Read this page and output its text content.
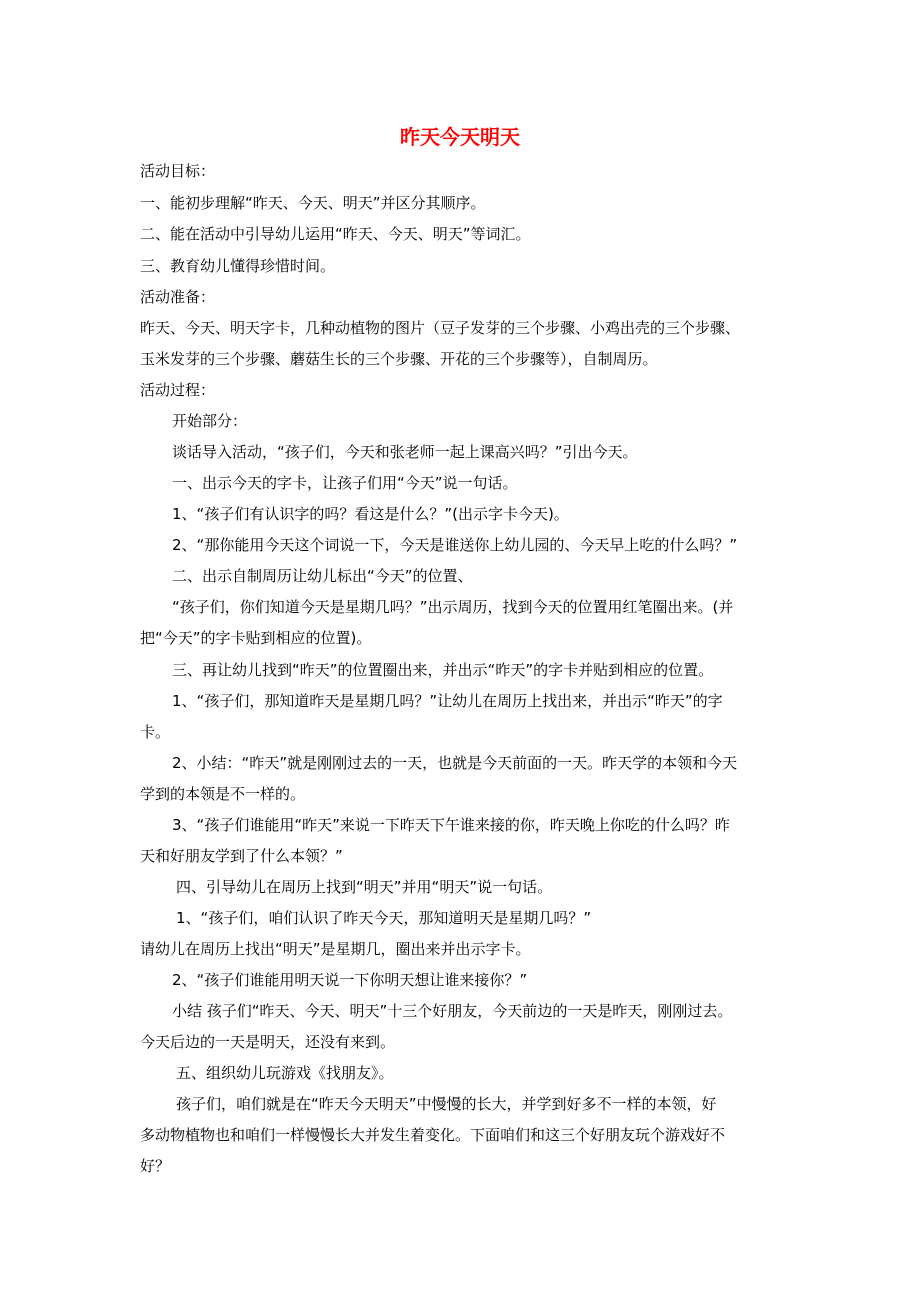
昨天今天明天
活动目标：
一、能初步理解“昨天、今天、明天”并区分其顺序。
二、能在活动中引导幼儿运用“昨天、今天、明天”等词汇。
三、教育幼儿懂得珍惜时间。
活动准备：
昨天、今天、明天字卡，几种动植物的图片（豆子发芽的三个步骤、小鸡出壳的三个步骤、
玉米发芽的三个步骤、蘑菇生长的三个步骤、开花的三个步骤等），自制周历。
活动过程：
开始部分：
谈话导入活动，“孩子们，今天和张老师一起上课高兴吗？”引出今天。
一、出示今天的字卡，让孩子们用“今天”说一句话。
1、“孩子们有认识字的吗？看这是什么？”(出示字卡今天)。
2、“那你能用今天这个词说一下，今天是谁送你上幼儿园的、今天早上吃的什么吗？”
二、出示自制周历让幼儿标出“今天”的位置、
“孩子们，你们知道今天是星期几吗？”出示周历，找到今天的位置用红笔圈出来。(并
把“今天”的字卡贴到相应的位置)。
三、再让幼儿找到“昨天”的位置圈出来，并出示“昨天”的字卡并贴到相应的位置。
1、“孩子们，那知道昨天是星期几吗？”让幼儿在周历上找出来，并出示“昨天”的字
卡。
2、小结：“昨天”就是刚刚过去的一天，也就是今天前面的一天。昨天学的本领和今天
学到的本领是不一样的。
3、“孩子们谁能用“昨天”来说一下昨天下午谁来接的你，昨天晚上你吃的什么吗？昨
天和好朋友学到了什么本领？”
四、引导幼儿在周历上找到“明天”并用“明天”说一句话。
1、“孩子们，咱们认识了昨天今天，那知道明天是星期几吗？”
请幼儿在周历上找出“明天”是星期几，圈出来并出示字卡。
2、“孩子们谁能用明天说一下你明天想让谁来接你？”
小结 孩子们“昨天、今天、明天”十三个好朋友，今天前边的一天是昨天，刚刚过去。
今天后边的一天是明天，还没有来到。
五、组织幼儿玩游戏《找朋友》。
孩子们，咱们就是在“昨天今天明天”中慢慢的长大，并学到好多不一样的本领，好
多动物植物也和咱们一样慢慢长大并发生着变化。下面咱们和这三个好朋友玩个游戏好不
好？
